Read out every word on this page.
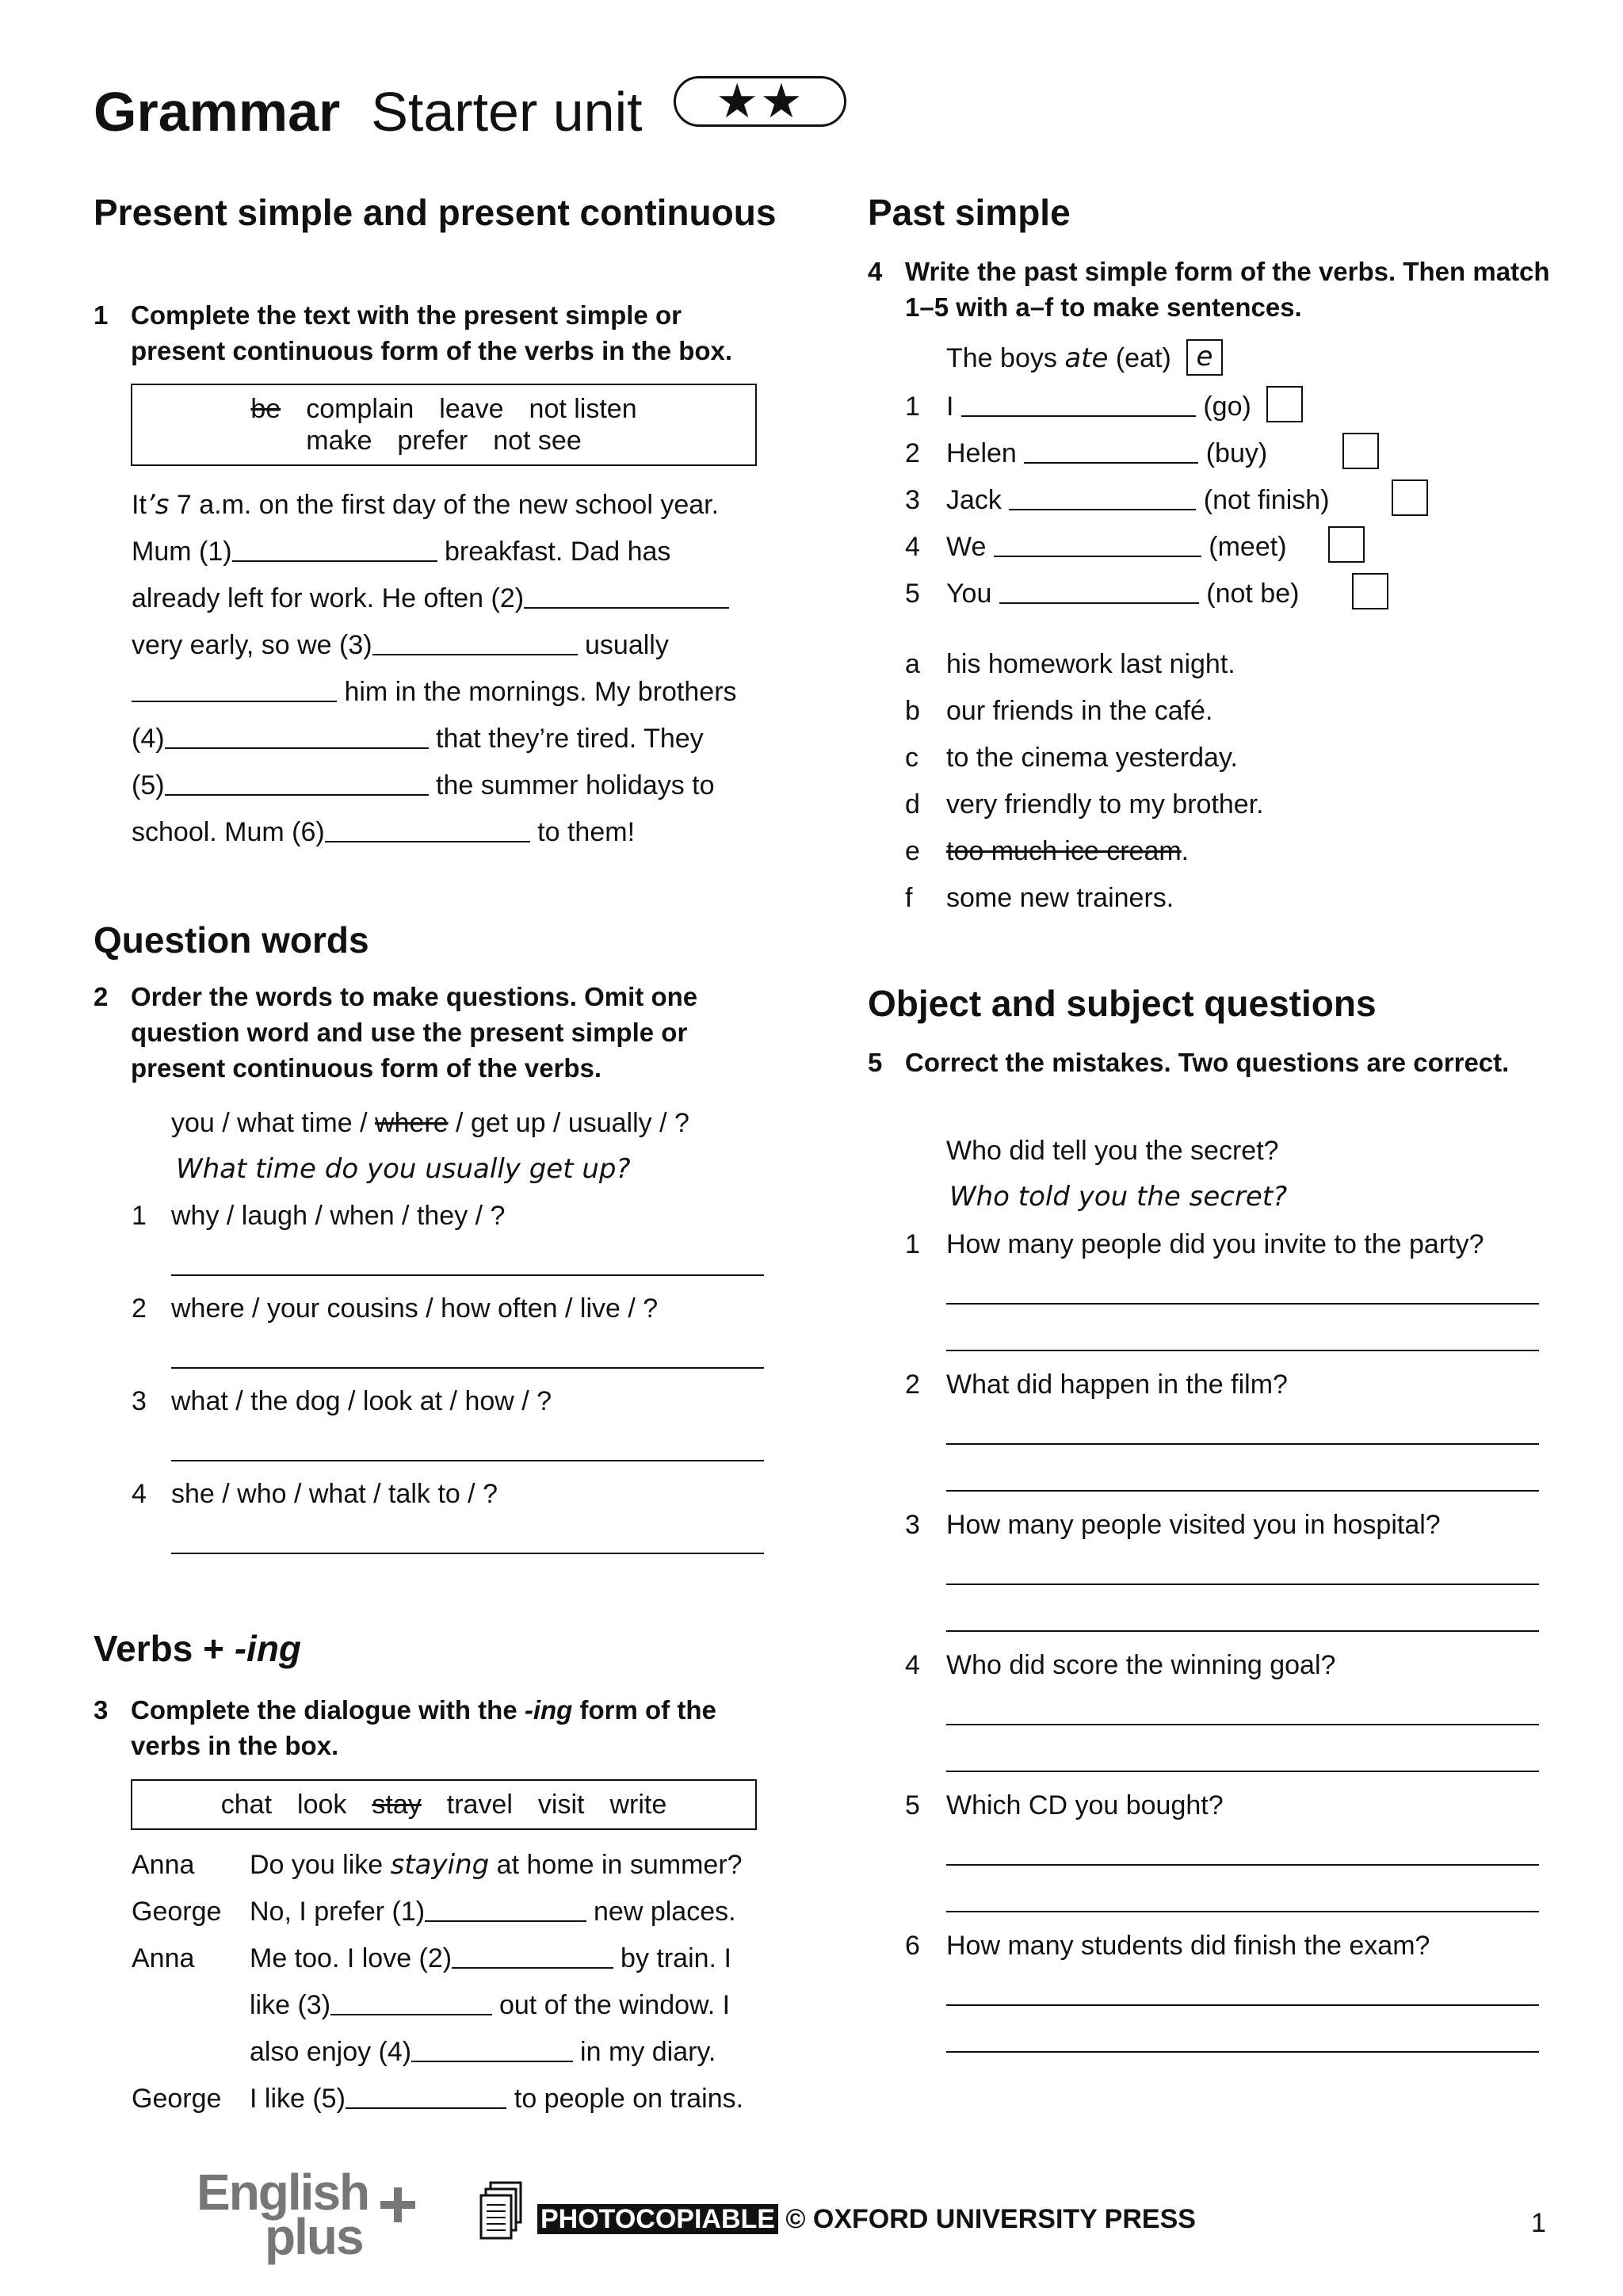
Grammar Starter unit	★★
Present simple and present continuous
1 Complete the text with the present simple or present continuous form of the verbs in the box.
be complain leave not listen
make prefer not see
It’s 7 a.m. on the first day of the new school year.
Mum (1)	breakfast. Dad has
already left for work. He often (2)
very early, so we (3)	usually
him in the mornings. My brothers
(4)	that they’re tired. They
(5)	the summer holidays to
school. Mum (6)	to them!
Question words
2 Order the words to make questions. Omit one question word and use the present simple or present continuous form of the verbs.
you / what time / where / get up / usually / ?
What time do you usually get up?
1 why / laugh / when / they / ?
2 where / your cousins / how often / live / ?
3 what / the dog / look at / how / ?
4 she / who / what / talk to / ?
Verbs + -ing
3 Complete the dialogue with the -ing form of the verbs in the box.
chat look stay travel visit write
Anna Do you like staying at home in summer?
George No, I prefer (1)	new places.
Anna Me too. I love (2)	by train. I
like (3)	out of the window. I
also enjoy (4)	in my diary.
George I like (5)	to people on trains.
Past simple
4 Write the past simple form of the verbs. Then match 1–5 with a–f to make sentences.
The boys ate (eat) e
1 I	(go)
2 Helen	(buy)
3 Jack	(not finish)
4 We	(meet)
5 You	(not be)
a his homework last night.
b our friends in the café.
c to the cinema yesterday.
d very friendly to my brother.
e too much ice cream.
f some new trainers.
Object and subject questions
5 Correct the mistakes. Two questions are correct.
Who did tell you the secret?
Who told you the secret?
1 How many people did you invite to the party?
2 What did happen in the film?
3 How many people visited you in hospital?
4 Who did score the winning goal?
5 Which CD you bought?
6 How many students did finish the exam?
English
plus	PHOTOCOPIABLE © OXFORD UNIVERSITY PRESS	1
